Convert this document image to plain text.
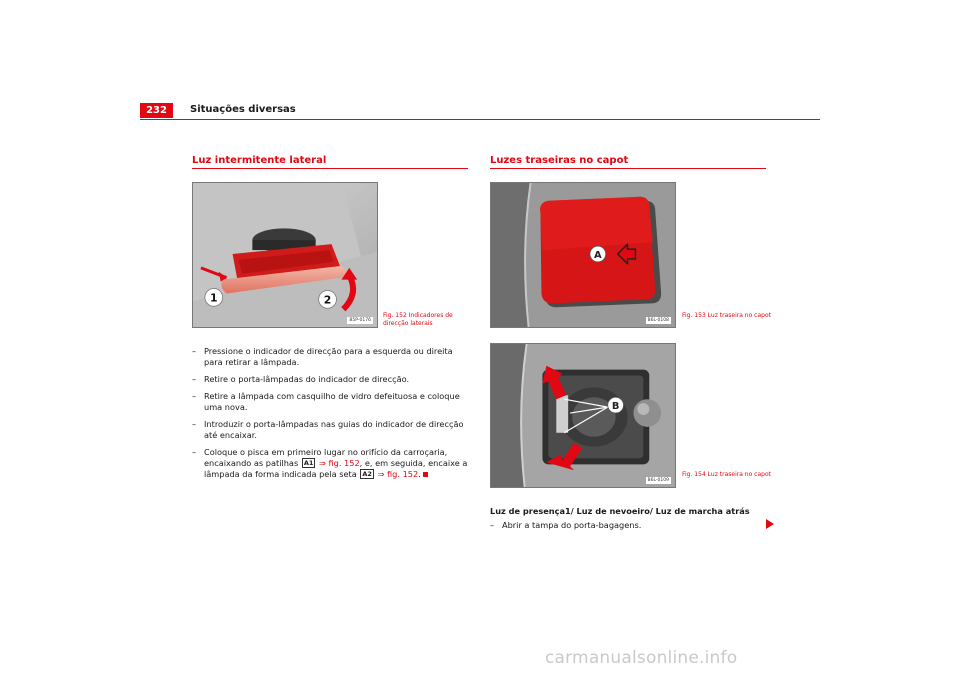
232	Situações diversas
Luz intermitente lateral
1	2
B5P-0176
Fig. 152 Indicadores de direcção laterais
– Pressione o indicador de direcção para a esquerda ou direita para retirar a lâmpada.
– Retire o porta-lâmpadas do indicador de direcção.
– Retire a lâmpada com casquilho de vidro defeituosa e coloque uma nova.
– Introduzir o porta-lâmpadas nas guias do indicador de direcção até encaixar.
– Coloque o pisca em primeiro lugar no orifício da carroçaria, encaixando as patilhas A1 ⇒ fig. 152, e, em seguida, encaixe a lâmpada da forma indicada pela seta A2 ⇒ fig. 152.
Luzes traseiras no capot
A
B6L-0108
Fig. 153 Luz traseira no capot
B
B6L-0109
Fig. 154 Luz traseira no capot
Luz de presença1/ Luz de nevoeiro/ Luz de marcha atrás
– Abrir a tampa do porta-bagagens.
carmanualsonline.info
